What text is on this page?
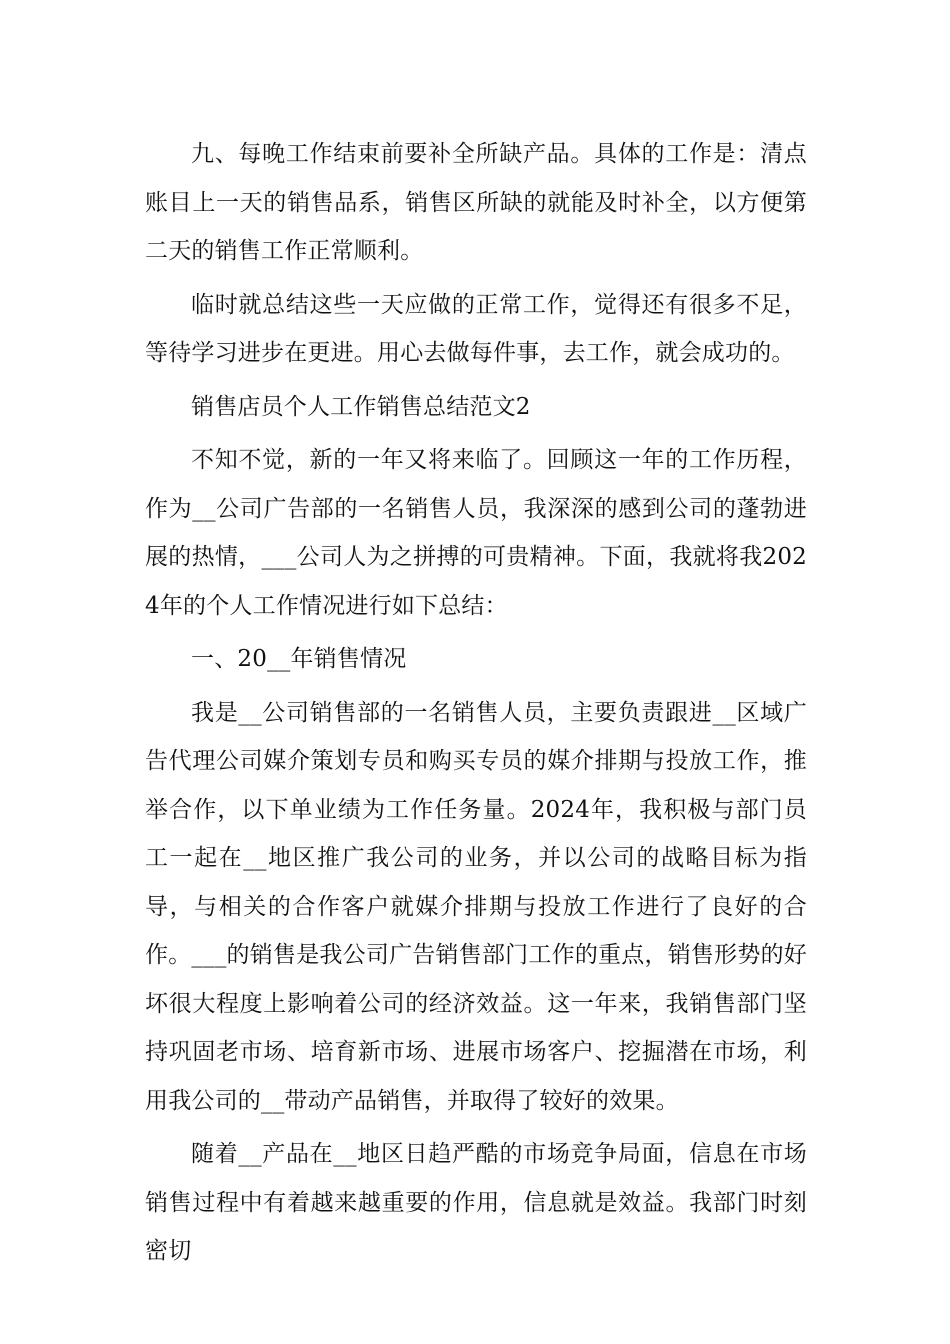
九、每晚工作结束前要补全所缺产品。具体的工作是：清点账目上一天的销售品系，销售区所缺的就能及时补全，以方便第二天的销售工作正常顺利。

临时就总结这些一天应做的正常工作，觉得还有很多不足，等待学习进步在更进。用心去做每件事，去工作，就会成功的。

销售店员个人工作销售总结范文2

不知不觉，新的一年又将来临了。回顾这一年的工作历程，作为__公司广告部的一名销售人员，我深深的感到公司的蓬勃进展的热情，___公司人为之拼搏的可贵精神。下面，我就将我2024年的个人工作情况进行如下总结：

一、20__年销售情况

我是__公司销售部的一名销售人员，主要负责跟进__区域广告代理公司媒介策划专员和购买专员的媒介排期与投放工作，推举合作，以下单业绩为工作任务量。2024年，我积极与部门员工一起在__地区推广我公司的业务，并以公司的战略目标为指导，与相关的合作客户就媒介排期与投放工作进行了良好的合作。___的销售是我公司广告销售部门工作的重点，销售形势的好坏很大程度上影响着公司的经济效益。这一年来，我销售部门坚持巩固老市场、培育新市场、进展市场客户、挖掘潜在市场，利用我公司的__带动产品销售，并取得了较好的效果。

随着__产品在__地区日趋严酷的市场竞争局面，信息在市场销售过程中有着越来越重要的作用，信息就是效益。我部门时刻密切
